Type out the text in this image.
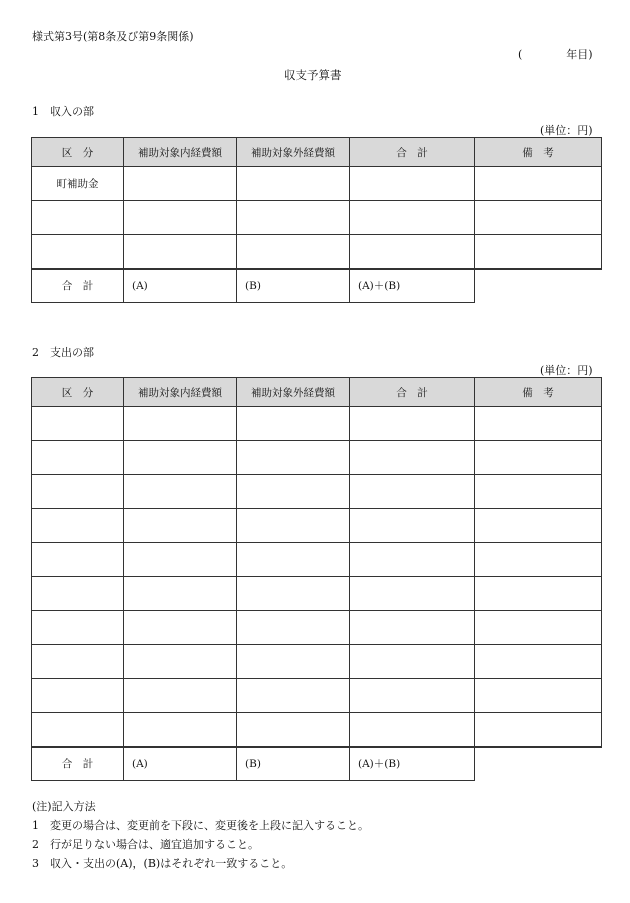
様式第3号(第8条及び第9条関係)
(　　　　年目)
収支予算書
1　収入の部
(単位：円)
区　分	補助対象内経費額	補助対象外経費額	合　計	備　考
町補助金				

合　計	(A)	(B)	(A)＋(B)	
2　支出の部
(単位：円)
区　分	補助対象内経費額	補助対象外経費額	合　計	備　考

合　計	(A)	(B)	(A)＋(B)	
(注)記入方法
1　変更の場合は、変更前を下段に、変更後を上段に記入すること。
2　行が足りない場合は、適宜追加すること。
3　収入・支出の(A)，(B)はそれぞれ一致すること。
